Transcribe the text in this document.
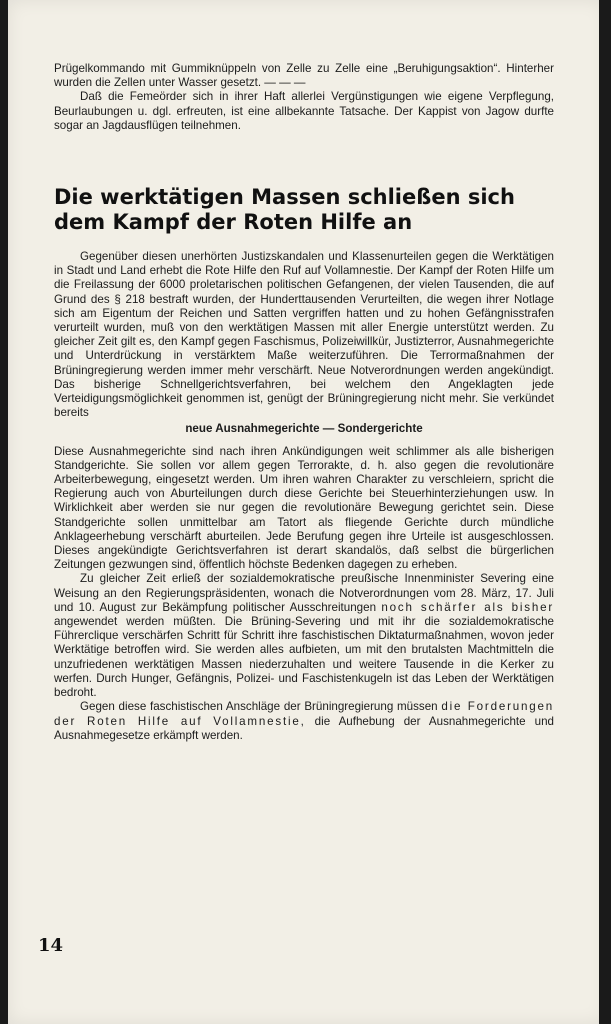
Prügelkommando mit Gummiknüppeln von Zelle zu Zelle eine „Beruhigungsaktion“. Hinterher wurden die Zellen unter Wasser gesetzt. — — —

Daß die Femeörder sich in ihrer Haft allerlei Vergünstigungen wie eigene Verpflegung, Beurlaubungen u. dgl. erfreuten, ist eine allbekannte Tatsache. Der Kappist von Jagow durfte sogar an Jagdausflügen teilnehmen.

Die werktätigen Massen schließen sich dem Kampf der Roten Hilfe an

Gegenüber diesen unerhörten Justizskandalen und Klassenurteilen gegen die Werktätigen in Stadt und Land erhebt die Rote Hilfe den Ruf auf Vollamnestie. Der Kampf der Roten Hilfe um die Freilassung der 6000 proletarischen politischen Gefangenen, der vielen Tausenden, die auf Grund des § 218 bestraft wurden, der Hunderttausenden Verurteilten, die wegen ihrer Notlage sich am Eigentum der Reichen und Satten vergriffen hatten und zu hohen Gefängnisstrafen verurteilt wurden, muß von den werktätigen Massen mit aller Energie unterstützt werden. Zu gleicher Zeit gilt es, den Kampf gegen Faschismus, Polizeiwillkür, Justizterror, Ausnahmegerichte und Unterdrückung in verstärktem Maße weiterzuführen. Die Terrormaßnahmen der Brüningregierung werden immer mehr verschärft. Neue Notverordnungen werden angekündigt. Das bisherige Schnellgerichtsverfahren, bei welchem den Angeklagten jede Verteidigungsmöglichkeit genommen ist, genügt der Brüningregierung nicht mehr. Sie verkündet bereits

neue Ausnahmegerichte — Sondergerichte

Diese Ausnahmegerichte sind nach ihren Ankündigungen weit schlimmer als alle bisherigen Standgerichte. Sie sollen vor allem gegen Terrorakte, d. h. also gegen die revolutionäre Arbeiterbewegung, eingesetzt werden. Um ihren wahren Charakter zu verschleiern, spricht die Regierung auch von Aburteilungen durch diese Gerichte bei Steuerhinterziehungen usw. In Wirklichkeit aber werden sie nur gegen die revolutionäre Bewegung gerichtet sein. Diese Standgerichte sollen unmittelbar am Tatort als fliegende Gerichte durch mündliche Anklageerhebung verschärft aburteilen. Jede Berufung gegen ihre Urteile ist ausgeschlossen. Dieses angekündigte Gerichtsverfahren ist derart skandalös, daß selbst die bürgerlichen Zeitungen gezwungen sind, öffentlich höchste Bedenken dagegen zu erheben.

Zu gleicher Zeit erließ der sozialdemokratische preußische Innenminister Severing eine Weisung an den Regierungspräsidenten, wonach die Notverordnungen vom 28. März, 17. Juli und 10. August zur Bekämpfung politischer Ausschreitungen noch schärfer als bisher angewendet werden müßten. Die Brüning-Severing und mit ihr die sozialdemokratische Führerclique verschärfen Schritt für Schritt ihre faschistischen Diktaturmaßnahmen, wovon jeder Werktätige betroffen wird. Sie werden alles aufbieten, um mit den brutalsten Machtmitteln die unzufriedenen werktätigen Massen niederzuhalten und weitere Tausende in die Kerker zu werfen. Durch Hunger, Gefängnis, Polizei- und Faschistenkugeln ist das Leben der Werktätigen bedroht.

Gegen diese faschistischen Anschläge der Brüningregierung müssen die Forderungen der Roten Hilfe auf Vollamnestie, die Aufhebung der Ausnahmegerichte und Ausnahmegesetze erkämpft werden.

14
